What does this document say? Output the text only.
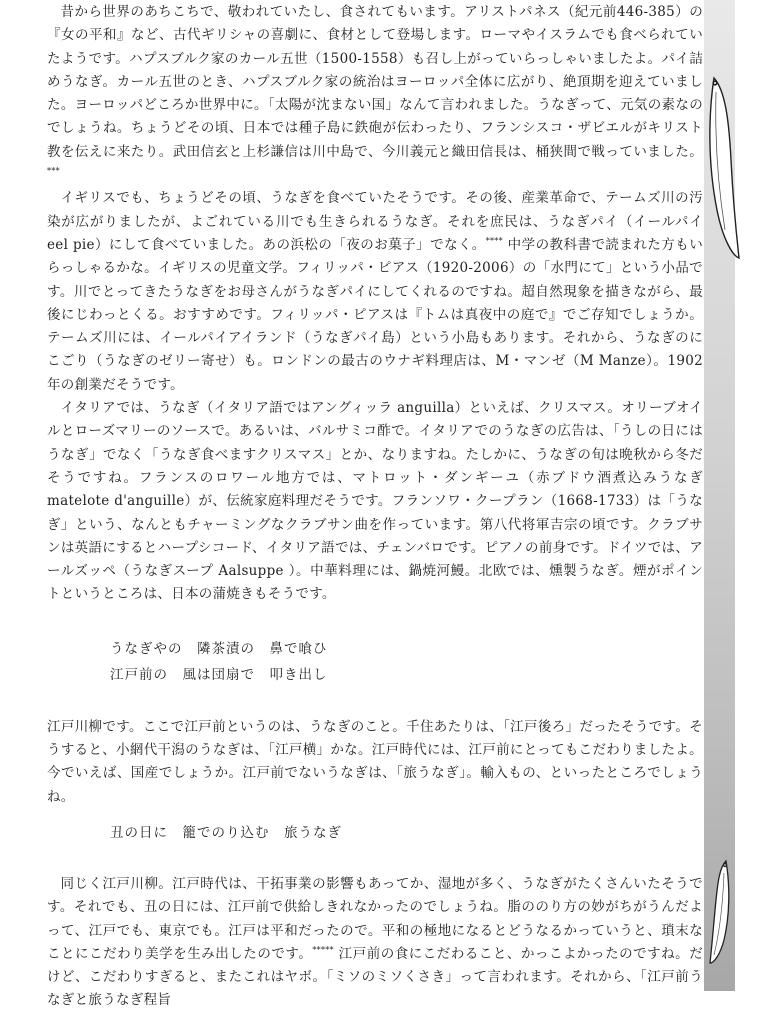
昔から世界のあちこちで、敬われていたし、食されてもいます。アリストパネス（紀元前446-385）の『女の平和』など、古代ギリシャの喜劇に、食材として登場します。ローマやイスラムでも食べられていたようです。ハプスブルク家のカール五世（1500-1558）も召し上がっていらっしゃいましたよ。パイ詰めうなぎ。カール五世のとき、ハプスブルク家の統治はヨーロッパ全体に広がり、絶頂期を迎えていました。ヨーロッパどころか世界中に。「太陽が沈まない国」なんて言われました。うなぎって、元気の素なのでしょうね。ちょうどその頃、日本では種子島に鉄砲が伝わったり、フランシスコ・ザビエルがキリスト教を伝えに来たり。武田信玄と上杉謙信は川中島で、今川義元と織田信長は、桶狭間で戦っていました。***

イギリスでも、ちょうどその頃、うなぎを食べていたそうです。その後、産業革命で、テームズ川の汚染が広がりましたが、よごれている川でも生きられるうなぎ。それを庶民は、うなぎパイ（イールパイ eel pie）にして食べていました。あの浜松の「夜のお菓子」でなく。**** 中学の教科書で読まれた方もいらっしゃるかな。イギリスの児童文学。フィリッパ・ピアス（1920-2006）の「水門にて」という小品です。川でとってきたうなぎをお母さんがうなぎパイにしてくれるのですね。超自然現象を描きながら、最後にじわっとくる。おすすめです。フィリッパ・ピアスは『トムは真夜中の庭で』でご存知でしょうか。テームズ川には、イールパイアイランド（うなぎパイ島）という小島もあります。それから、うなぎのにこごり（うなぎのゼリー寄せ）も。ロンドンの最古のウナギ料理店は、M・マンゼ（M Manze）。1902 年の創業だそうです。

イタリアでは、うなぎ（イタリア語ではアングィッラ anguilla）といえば、クリスマス。オリーブオイルとローズマリーのソースで。あるいは、バルサミコ酢で。イタリアでのうなぎの広告は、「うしの日にはうなぎ」でなく「うなぎ食べますクリスマス」とか、なりますね。たしかに、うなぎの旬は晩秋から冬だそうですね。フランスのロワール地方では、マトロット・ダンギーユ（赤ブドウ酒煮込みうなぎ matelote d'anguille）が、伝統家庭料理だそうです。フランソワ・クープラン（1668-1733）は「うなぎ」という、なんともチャーミングなクラブサン曲を作っています。第八代将軍吉宗の頃です。クラブサンは英語にするとハープシコード、イタリア語では、チェンバロです。ピアノの前身です。ドイツでは、アールズッペ（うなぎスープ Aalsuppe ）。中華料理には、鍋焼河鰻。北欧では、燻製うなぎ。煙がポイントというところは、日本の蒲焼きもそうです。

うなぎやの　隣茶漬の　鼻で喰ひ

江戸前の　風は団扇で　叩き出し

江戸川柳です。ここで江戸前というのは、うなぎのこと。千住あたりは、「江戸後ろ」だったそうです。そうすると、小網代干潟のうなぎは、「江戸横」かな。江戸時代には、江戸前にとってもこだわりましたよ。今でいえば、国産でしょうか。江戸前でないうなぎは、「旅うなぎ」。輸入もの、といったところでしょうね。

丑の日に　籠でのり込む　旅うなぎ

同じく江戸川柳。江戸時代は、干拓事業の影響もあってか、湿地が多く、うなぎがたくさんいたそうです。それでも、丑の日には、江戸前で供給しきれなかったのでしょうね。脂ののり方の妙がちがうんだよって、江戸でも、東京でも。江戸は平和だったので。平和の極地になるとどうなるかっていうと、瑣末なことにこだわり美学を生み出したのです。***** 江戸前の食にこだわること、かっこよかったのですね。だけど、こだわりすぎると、またこれはヤボ。「ミソのミソくさき」って言われます。それから、「江戸前うなぎと旅うなぎ程旨
